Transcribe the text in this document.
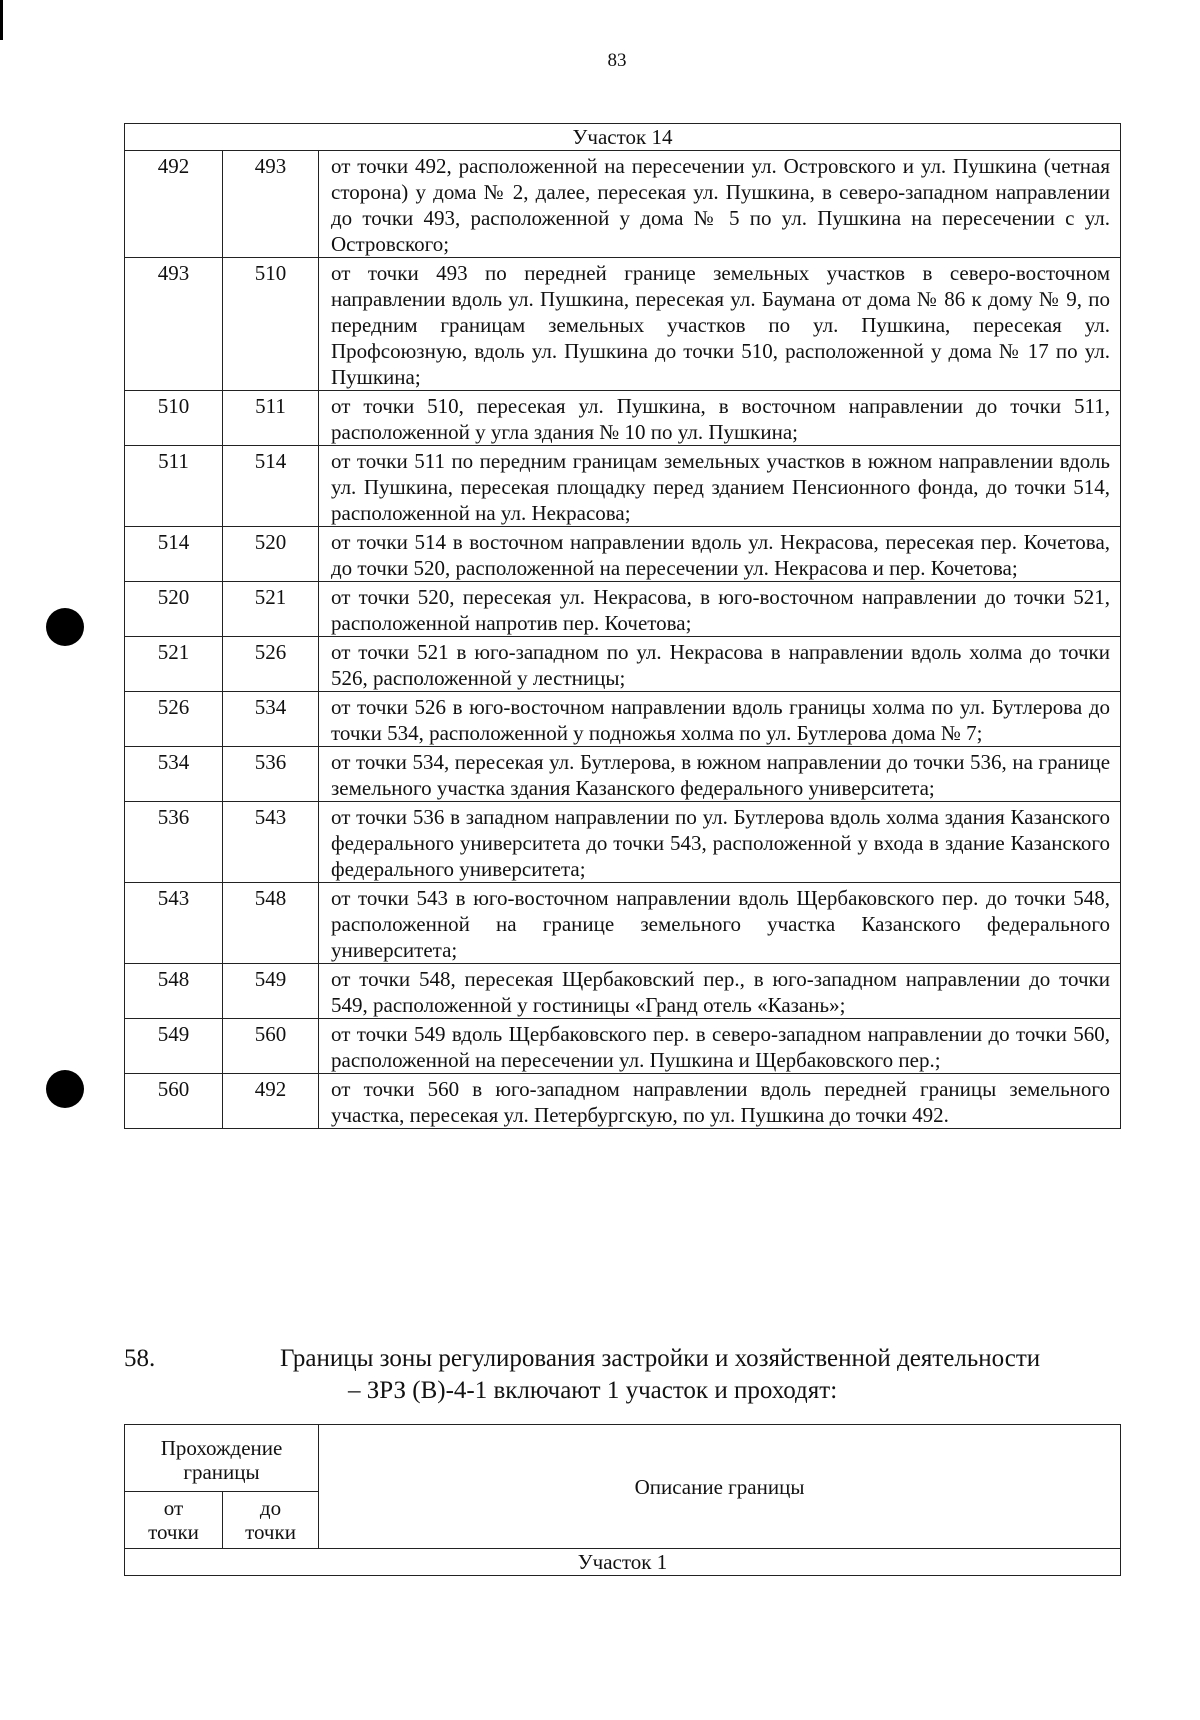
83
Участок 14		
492	493	от точки 492, расположенной на пересечении ул. Островского и ул. Пушкина (четная сторона) у дома № 2, далее, пересекая ул. Пушкина, в северо-западном направлении до точки 493, расположенной у дома № 5 по ул. Пушкина на пересечении с ул. Островского;
493	510	от точки 493 по передней границе земельных участков в северо-восточном направлении вдоль ул. Пушкина, пересекая ул. Баумана от дома № 86 к дому № 9, по передним границам земельных участков по ул. Пушкина, пересекая ул. Профсоюзную, вдоль ул. Пушкина до точки 510, расположенной у дома № 17 по ул. Пушкина;
510	511	от точки 510, пересекая ул. Пушкина, в восточном направлении до точки 511, расположенной у угла здания № 10 по ул. Пушкина;
511	514	от точки 511 по передним границам земельных участков в южном направлении вдоль ул. Пушкина, пересекая площадку перед зданием Пенсионного фонда, до точки 514, расположенной на ул. Некрасова;
514	520	от точки 514 в восточном направлении вдоль ул. Некрасова, пересекая пер. Кочетова, до точки 520, расположенной на пересечении ул. Некрасова и пер. Кочетова;
520	521	от точки 520, пересекая ул. Некрасова, в юго-восточном направлении до точки 521, расположенной напротив пер. Кочетова;
521	526	от точки 521 в юго-западном по ул. Некрасова в направлении вдоль холма до точки 526, расположенной у лестницы;
526	534	от точки 526 в юго-восточном направлении вдоль границы холма по ул. Бутлерова до точки 534, расположенной у подножья холма по ул. Бутлерова дома № 7;
534	536	от точки 534, пересекая ул. Бутлерова, в южном направлении до точки 536, на границе земельного участка здания Казанского федерального университета;
536	543	от точки 536 в западном направлении по ул. Бутлерова вдоль холма здания Казанского федерального университета до точки 543, расположенной у входа в здание Казанского федерального университета;
543	548	от точки 543 в юго-восточном направлении вдоль Щербаковского пер. до точки 548, расположенной на границе земельного участка Казанского федерального университета;
548	549	от точки 548, пересекая Щербаковский пер., в юго-западном направлении до точки 549, расположенной у гостиницы «Гранд отель «Казань»;
549	560	от точки 549 вдоль Щербаковского пер. в северо-западном направлении до точки 560, расположенной на пересечении ул. Пушкина и Щербаковского пер.;
560	492	от точки 560 в юго-западном направлении вдоль передней границы земельного участка, пересекая ул. Петербургскую, по ул. Пушкина до точки 492.
58.	Границы зоны регулирования застройки и хозяйственной деятельности
– ЗРЗ (В)-4-1 включают 1 участок и проходят:
Прохождение границы		Описание границы
от точки	до точки	
Участок 1		
